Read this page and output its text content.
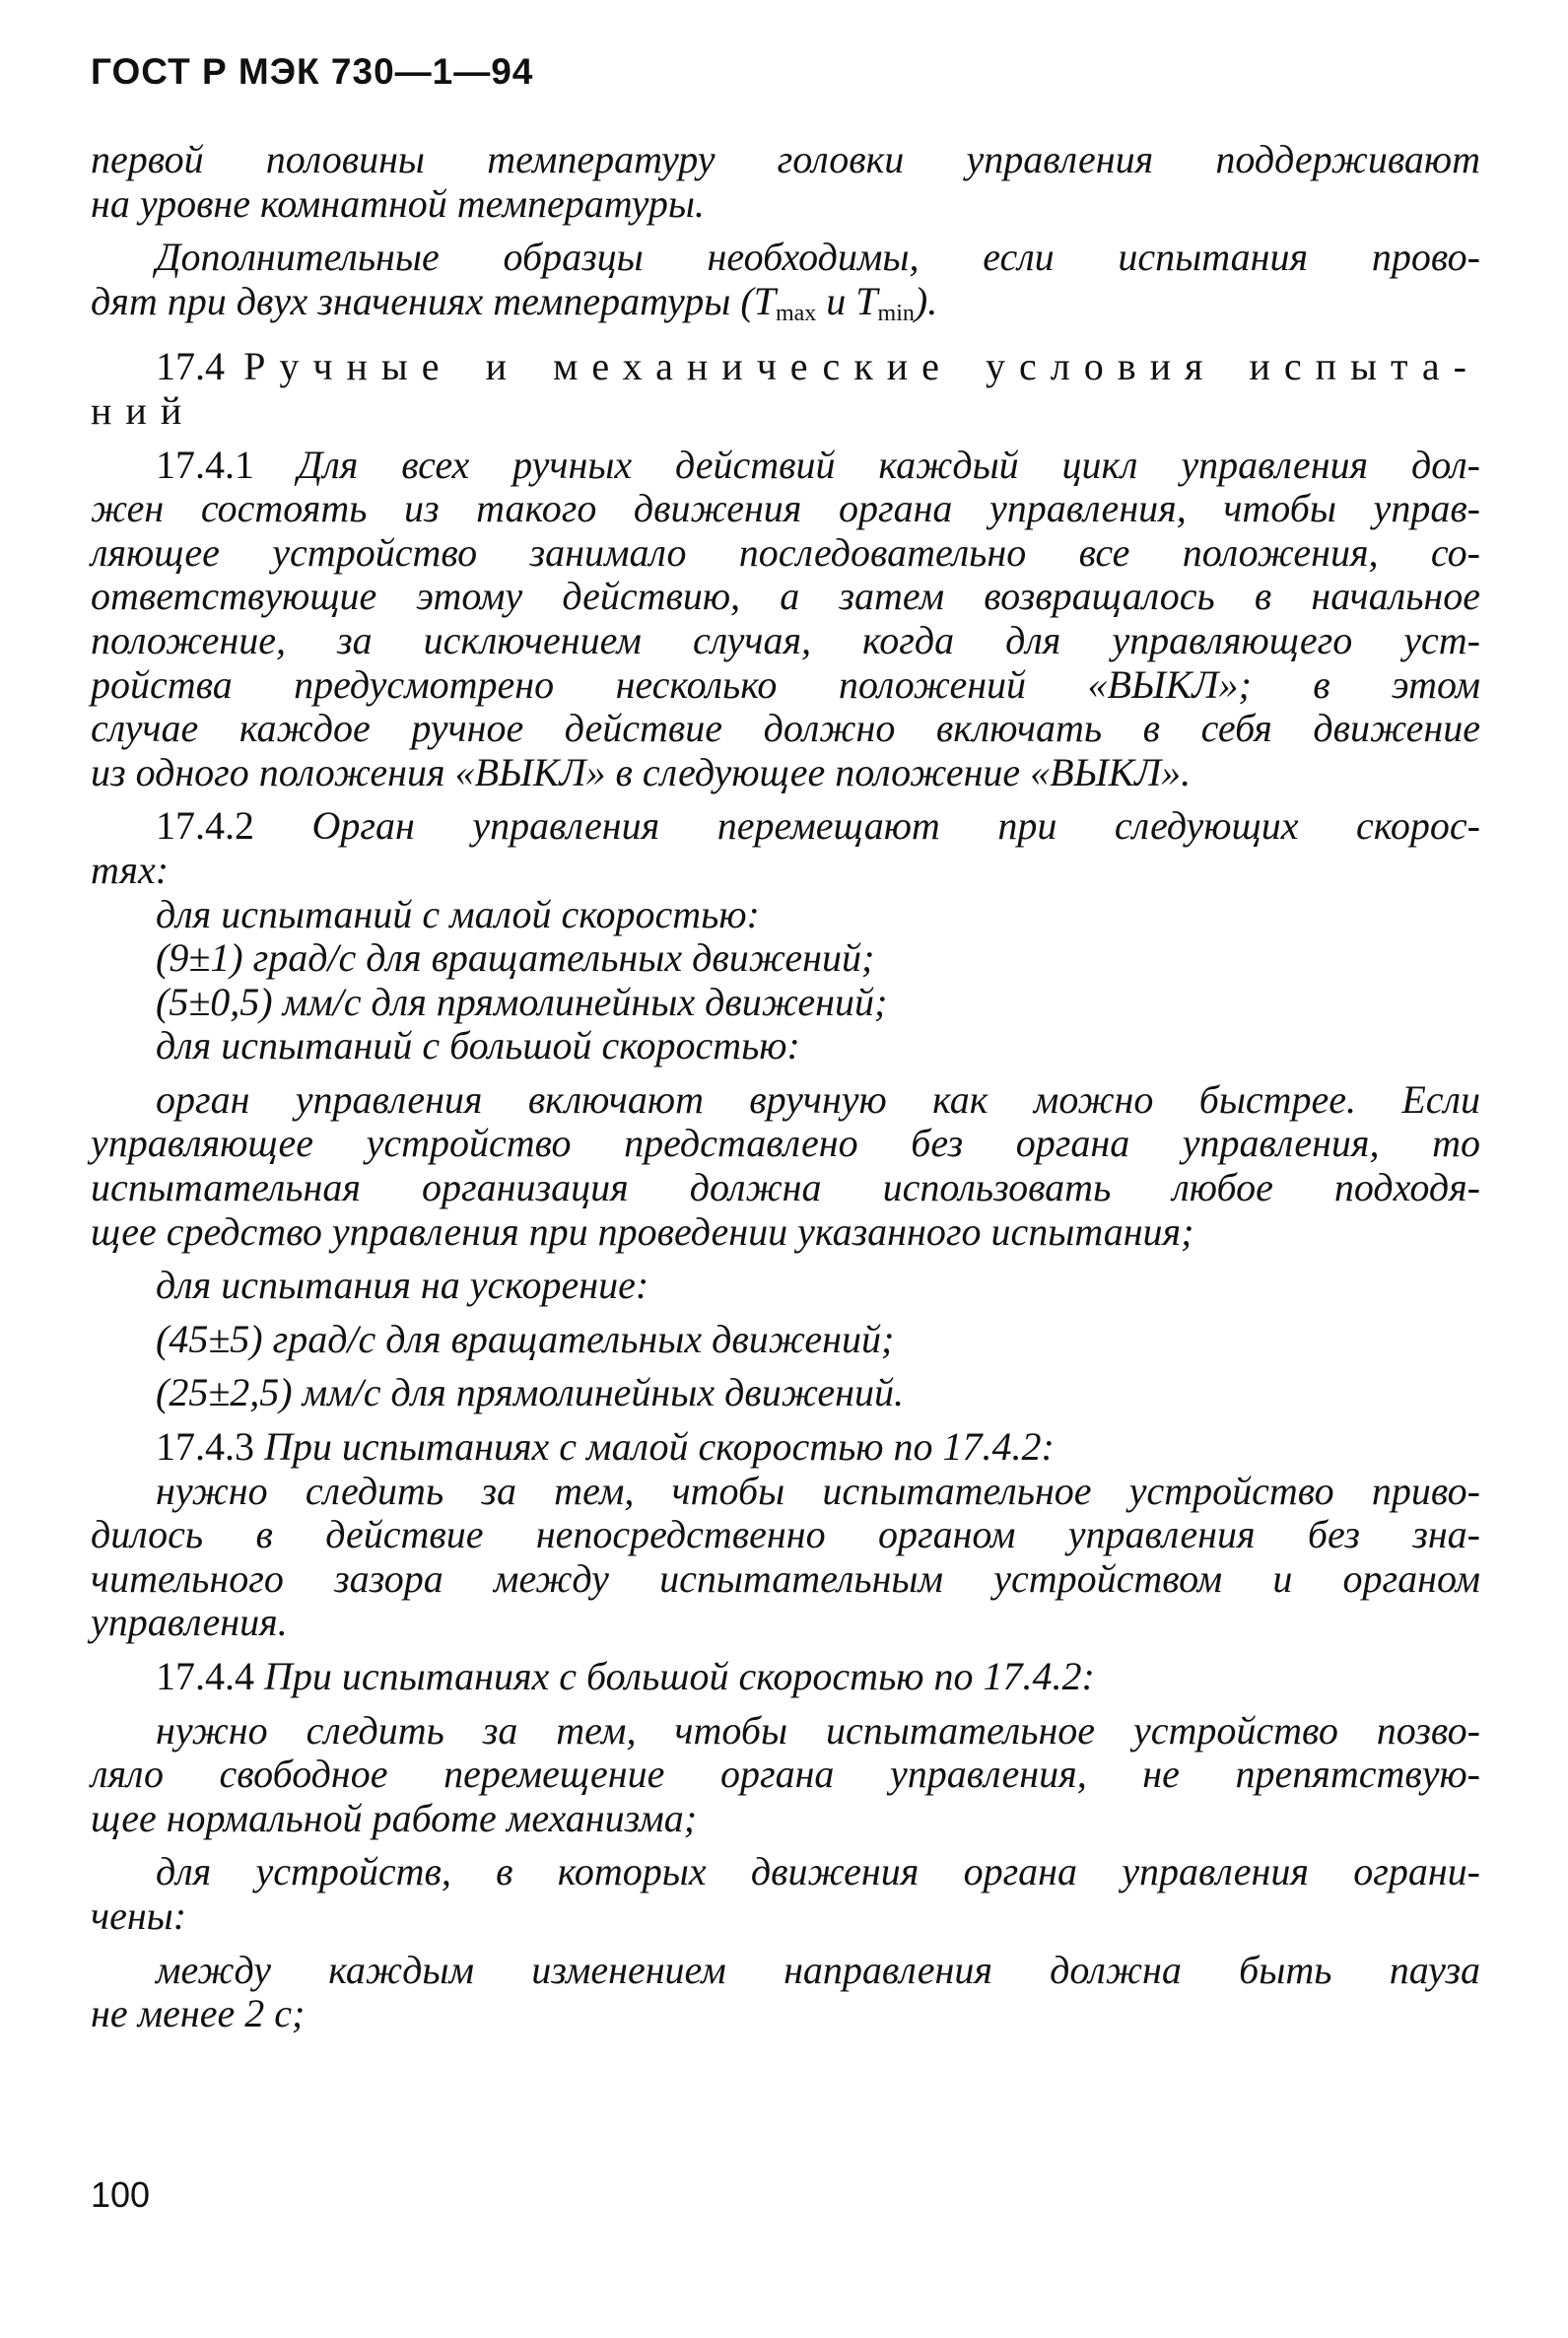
ГОСТ Р МЭК 730—1—94

первой половины температуру головки управления поддерживают
на уровне комнатной температуры.

Дополнительные образцы необходимы, если испытания прово-
дят при двух значениях температуры ($T_{max}$ и $T_{min}$).

17.4 Ручные и механические условия испыта-
ний

17.4.1 Для всех ручных действий каждый цикл управления дол-
жен состоять из такого движения органа управления, чтобы управ-
ляющее устройство занимало последовательно все положения, со-
ответствующие этому действию, а затем возвращалось в начальное
положение, за исключением случая, когда для управляющего уст-
ройства предусмотрено несколько положений «ВЫКЛ»; в этом
случае каждое ручное действие должно включать в себя движение
из одного положения «ВЫКЛ» в следующее положение «ВЫКЛ».

17.4.2 Орган управления перемещают при следующих скорос-
тях:

для испытаний с малой скоростью:

(9±1) град/с для вращательных движений;

(5±0,5) мм/с для прямолинейных движений;

для испытаний с большой скоростью:

орган управления включают вручную как можно быстрее. Если
управляющее устройство представлено без органа управления, то
испытательная организация должна использовать любое подходя-
щее средство управления при проведении указанного испытания;

для испытания на ускорение:

(45±5) град/с для вращательных движений;

(25±2,5) мм/с для прямолинейных движений.

17.4.3 При испытаниях с малой скоростью по 17.4.2:

нужно следить за тем, чтобы испытательное устройство приво-
дилось в действие непосредственно органом управления без зна-
чительного зазора между испытательным устройством и органом
управления.

17.4.4 При испытаниях с большой скоростью по 17.4.2:

нужно следить за тем, чтобы испытательное устройство позво-
ляло свободное перемещение органа управления, не препятствую-
щее нормальной работе механизма;

для устройств, в которых движения органа управления ограни-
чены:

между каждым изменением направления должна быть пауза
не менее 2 с;

100
